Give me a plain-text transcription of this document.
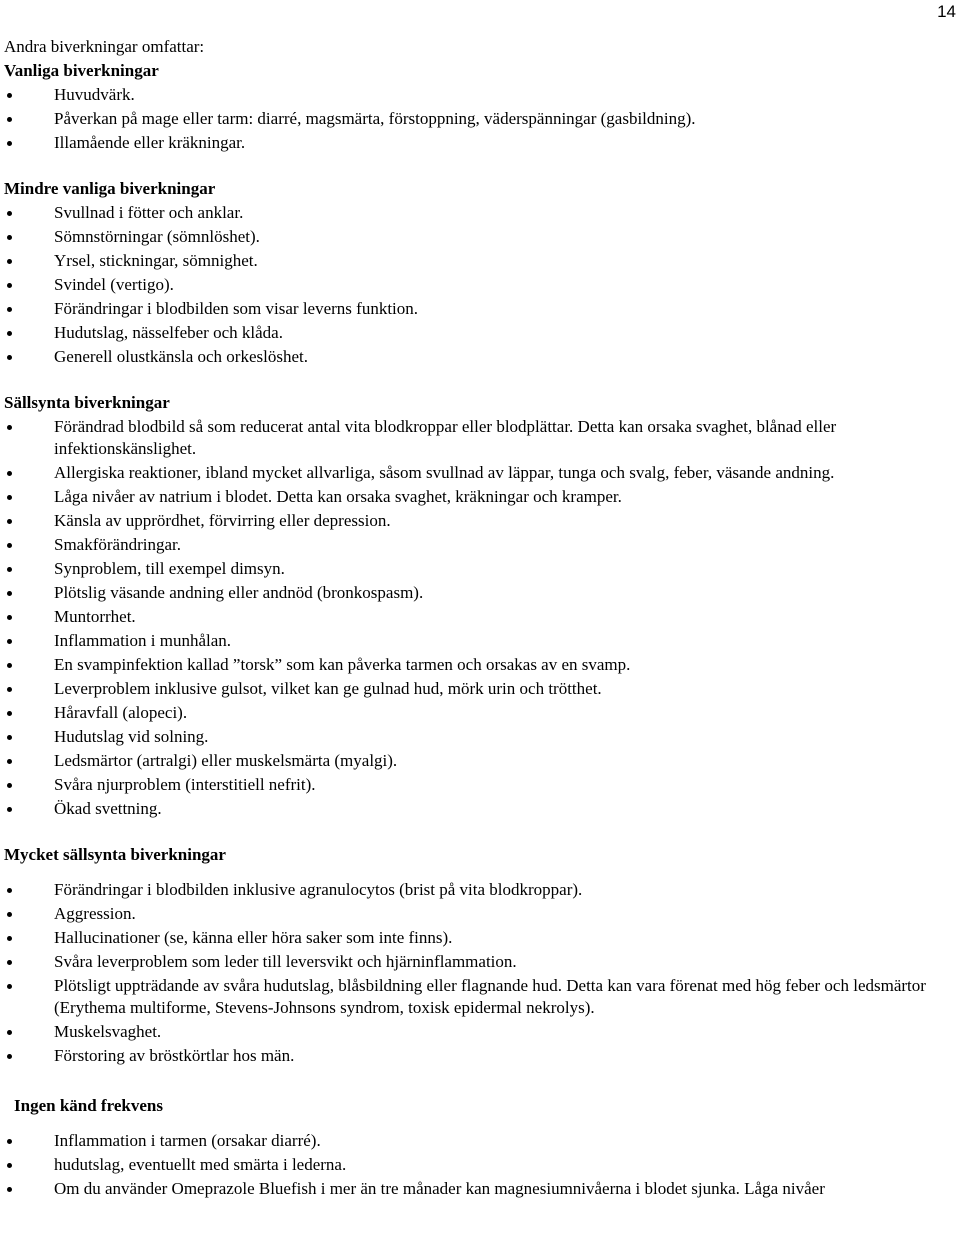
14
Andra biverkningar omfattar:
Vanliga biverkningar
Huvudvärk.
Påverkan på mage eller tarm: diarré, magsmärta, förstoppning, väderspänningar (gasbildning).
Illamående eller kräkningar.
Mindre vanliga biverkningar
Svullnad i fötter och anklar.
Sömnstörningar (sömnlöshet).
Yrsel, stickningar, sömnighet.
Svindel (vertigo).
Förändringar i blodbilden som visar leverns funktion.
Hudutslag, nässelfeber och klåda.
Generell olustkänsla och orkeslöshet.
Sällsynta biverkningar
Förändrad blodbild så som reducerat antal vita blodkroppar eller blodplättar. Detta kan orsaka svaghet, blånad eller infektionskänslighet.
Allergiska reaktioner, ibland mycket allvarliga, såsom svullnad av läppar, tunga och svalg, feber, väsande andning.
Låga nivåer av natrium i blodet. Detta kan orsaka svaghet, kräkningar och kramper.
Känsla av upprördhet, förvirring eller depression.
Smakförändringar.
Synproblem, till exempel dimsyn.
Plötslig väsande andning eller andnöd (bronkospasm).
Muntorrhet.
Inflammation i munhålan.
En svampinfektion kallad ”torsk” som kan påverka tarmen och orsakas av en svamp.
Leverproblem inklusive gulsot, vilket kan ge gulnad hud, mörk urin och trötthet.
Håravfall (alopeci).
Hudutslag vid solning.
Ledsmärtor (artralgi) eller muskelsmärta (myalgi).
Svåra njurproblem (interstitiell nefrit).
Ökad svettning.
Mycket sällsynta biverkningar
Förändringar i blodbilden inklusive agranulocytos (brist på vita blodkroppar).
Aggression.
Hallucinationer (se, känna eller höra saker som inte finns).
Svåra leverproblem som leder till leversvikt och hjärninflammation.
Plötsligt uppträdande av svåra hudutslag, blåsbildning eller flagnande hud. Detta kan vara förenat med hög feber och ledsmärtor (Erythema multiforme, Stevens-Johnsons syndrom, toxisk epidermal nekrolys).
Muskelsvaghet.
Förstoring av bröstkörtlar hos män.
Ingen känd frekvens
Inflammation i tarmen (orsakar diarré).
hudutslag, eventuellt med smärta i lederna.
Om du använder Omeprazole Bluefish i mer än tre månader kan magnesiumnivåerna i blodet sjunka. Låga nivåer
